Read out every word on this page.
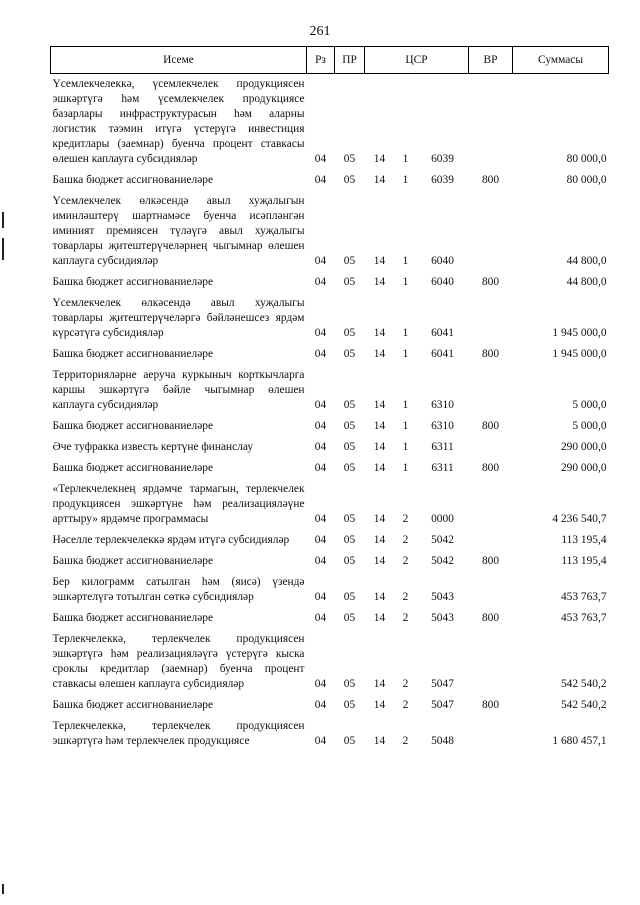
261
Исеме	Рз	ПР	ЦСР			ВР	Суммасы
Үсемлекчелеккә, үсемлекчелек продукциясен эшкәртүгә һәм үсемлекчелек продукциясе базарлары инфраструктурасын һәм аларны логистик тәэмин итүгә үстерүгә инвестиция кредитлары (заемнар) буенча процент ставкасы өлешен каплауга субсидияләр	04	05	14	1	6039		80 000,0
Башка бюджет ассигнованиеләре	04	05	14	1	6039	800	80 000,0
Үсемлекчелек өлкәсендә авыл хуҗалыгын иминләштерү шартнамәсе буенча исәпләнгән иминият премиясен түләүгә авыл хуҗалыгы товарлары җитештерүчеләрнең чыгымнар өлешен каплауга субсидияләр	04	05	14	1	6040		44 800,0
Башка бюджет ассигнованиеләре	04	05	14	1	6040	800	44 800,0
Үсемлекчелек өлкәсендә авыл хуҗалыгы товарлары җитештерүчеләргә бәйләнешсез ярдәм күрсәтүгә субсидияләр	04	05	14	1	6041		1 945 000,0
Башка бюджет ассигнованиеләре	04	05	14	1	6041	800	1 945 000,0
Территорияләрне аеруча куркыныч корткычларга каршы эшкәртүгә бәйле чыгымнар өлешен каплауга субсидияләр	04	05	14	1	6310		5 000,0
Башка бюджет ассигнованиеләре	04	05	14	1	6310	800	5 000,0
Әче туфракка известь кертүне финанслау	04	05	14	1	6311		290 000,0
Башка бюджет ассигнованиеләре	04	05	14	1	6311	800	290 000,0
«Терлекчелекнең ярдәмче тармагын, терлекчелек продукциясен эшкәртүне һәм реализацияләүне арттыру» ярдәмче программасы	04	05	14	2	0000		4 236 540,7
Нәселле терлекчелеккә ярдәм итүгә субсидияләр	04	05	14	2	5042		113 195,4
Башка бюджет ассигнованиеләре	04	05	14	2	5042	800	113 195,4
Бер килограмм сатылган һәм (яисә) үзендә эшкәртелүгә тотылган сөткә субсидияләр	04	05	14	2	5043		453 763,7
Башка бюджет ассигнованиеләре	04	05	14	2	5043	800	453 763,7
Терлекчелеккә, терлекчелек продукциясен эшкәртүгә һәм реализацияләүгә үстерүгә кыска сроклы кредитлар (заемнар) буенча процент ставкасы өлешен каплауга субсидияләр	04	05	14	2	5047		542 540,2
Башка бюджет ассигнованиеләре	04	05	14	2	5047	800	542 540,2
Терлекчелеккә, терлекчелек продукциясен эшкәртүгә һәм терлекчелек продукциясе	04	05	14	2	5048		1 680 457,1
